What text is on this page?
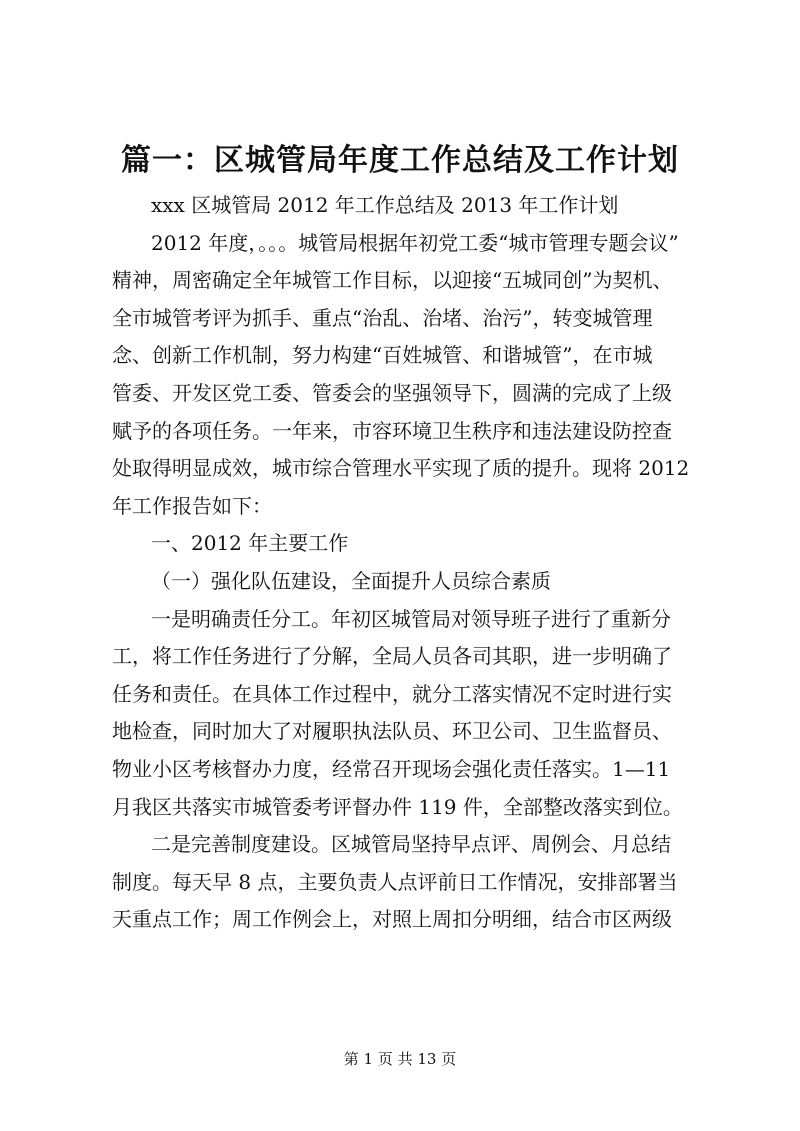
篇一：区城管局年度工作总结及工作计划
xxx 区城管局 2012 年工作总结及 2013 年工作计划
2012 年度，。。。城管局根据年初党工委“城市管理专题会议”
精神，周密确定全年城管工作目标，以迎接“五城同创”为契机、
全市城管考评为抓手、重点“治乱、治堵、治污”，转变城管理
念、创新工作机制，努力构建“百姓城管、和谐城管”，在市城
管委、开发区党工委、管委会的坚强领导下，圆满的完成了上级
赋予的各项任务。一年来，市容环境卫生秩序和违法建设防控查
处取得明显成效，城市综合管理水平实现了质的提升。现将 2012
年工作报告如下：
一、2012 年主要工作
（一）强化队伍建设，全面提升人员综合素质
一是明确责任分工。年初区城管局对领导班子进行了重新分
工，将工作任务进行了分解，全局人员各司其职，进一步明确了
任务和责任。在具体工作过程中，就分工落实情况不定时进行实
地检查，同时加大了对履职执法队员、环卫公司、卫生监督员、
物业小区考核督办力度，经常召开现场会强化责任落实。1—11
月我区共落实市城管委考评督办件 119 件，全部整改落实到位。
二是完善制度建设。区城管局坚持早点评、周例会、月总结
制度。每天早 8 点，主要负责人点评前日工作情况，安排部署当
天重点工作；周工作例会上，对照上周扣分明细，结合市区两级
第 1 页 共 13 页
